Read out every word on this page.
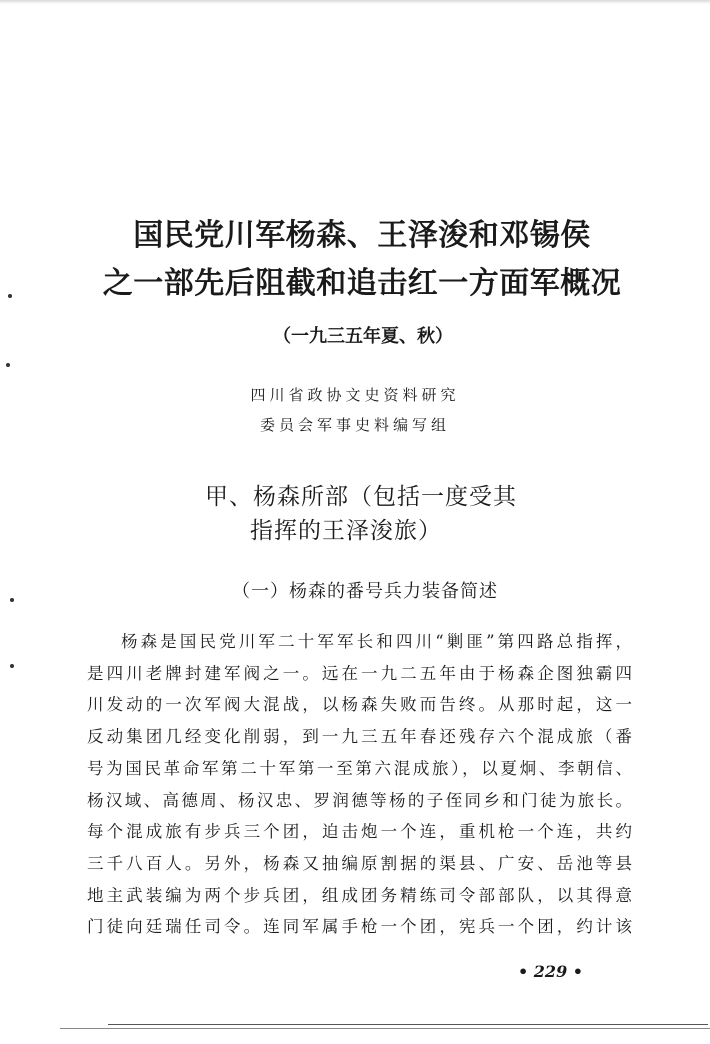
国民党川军杨森、王泽浚和邓锡侯
之一部先后阻截和追击红一方面军概况
（一九三五年夏、秋）
四川省政协文史资料研究
委员会军事史料编写组
甲、杨森所部（包括一度受其
指挥的王泽浚旅）
（一）杨森的番号兵力装备简述
杨森是国民党川军二十军军长和四川“剿匪”第四路总指挥，
是四川老牌封建军阀之一。远在一九二五年由于杨森企图独霸四
川发动的一次军阀大混战，以杨森失败而告终。从那时起，这一
反动集团几经变化削弱，到一九三五年春还残存六个混成旅（番
号为国民革命军第二十军第一至第六混成旅），以夏炯、李朝信、
杨汉域、高德周、杨汉忠、罗润德等杨的子侄同乡和门徒为旅长。
每个混成旅有步兵三个团，迫击炮一个连，重机枪一个连，共约
三千八百人。另外，杨森又抽编原割据的渠县、广安、岳池等县
地主武装编为两个步兵团，组成团务精练司令部部队，以其得意
门徒向廷瑞任司令。连同军属手枪一个团，宪兵一个团，约计该
• 229 •
